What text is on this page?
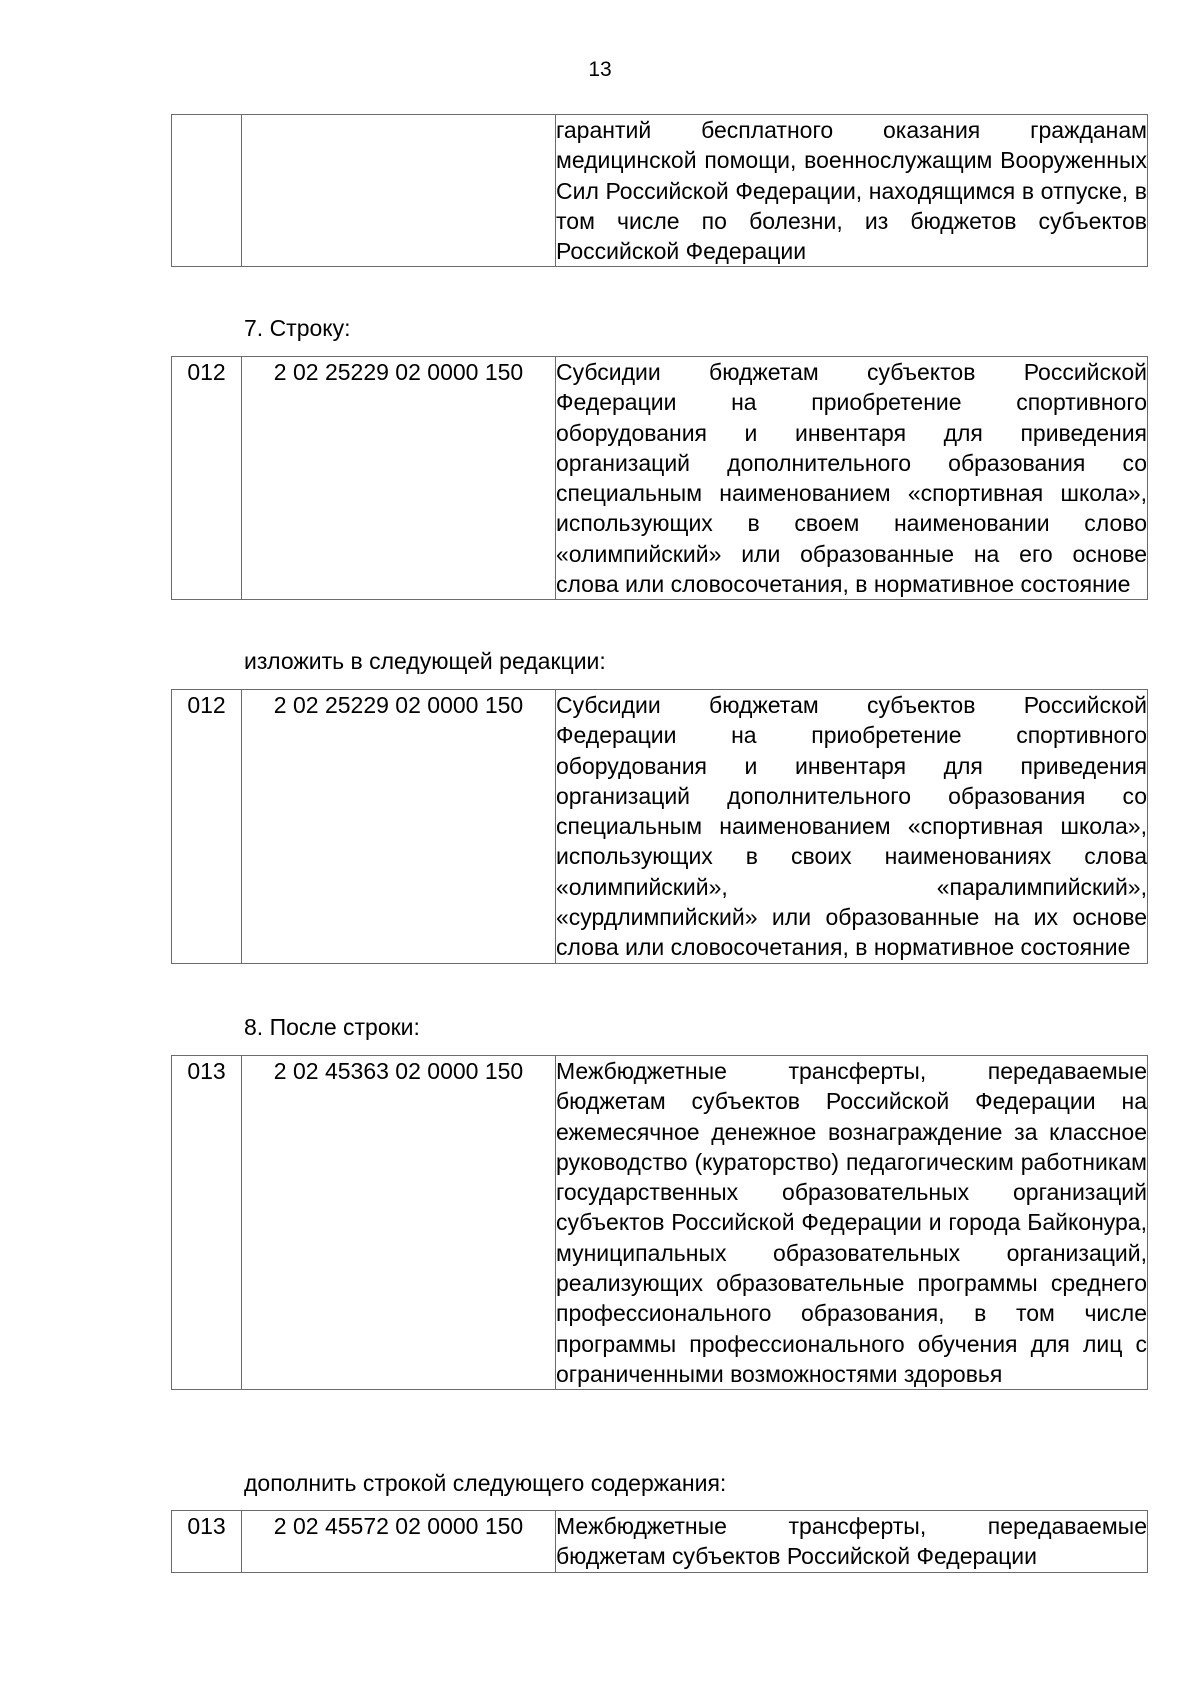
13
		гарантий бесплатного оказания гражданам медицинской помощи, военнослужащим Вооруженных Сил Российской Федерации, находящимся в отпуске, в том числе по болезни, из бюджетов субъектов Российской Федерации
7. Строку:
012	2 02 25229 02 0000 150	Субсидии бюджетам субъектов Российской Федерации на приобретение спортивного оборудования и инвентаря для приведения организаций дополнительного образования со специальным наименованием «спортивная школа», использующих в своем наименовании слово «олимпийский» или образованные на его основе слова или словосочетания, в нормативное состояние
изложить в следующей редакции:
012	2 02 25229 02 0000 150	Субсидии бюджетам субъектов Российской Федерации на приобретение спортивного оборудования и инвентаря для приведения организаций дополнительного образования со специальным наименованием «спортивная школа», использующих в своих наименованиях слова «олимпийский», «паралимпийский», «сурдлимпийский» или образованные на их основе слова или словосочетания, в нормативное состояние
8. После строки:
013	2 02 45363 02 0000 150	Межбюджетные трансферты, передаваемые бюджетам субъектов Российской Федерации на ежемесячное денежное вознаграждение за классное руководство (кураторство) педагогическим работникам государственных образовательных организаций субъектов Российской Федерации и города Байконура, муниципальных образовательных организаций, реализующих образовательные программы среднего профессионального образования, в том числе программы профессионального обучения для лиц с ограниченными возможностями здоровья
дополнить строкой следующего содержания:
013	2 02 45572 02 0000 150	Межбюджетные трансферты, передаваемые бюджетам субъектов Российской Федерации
